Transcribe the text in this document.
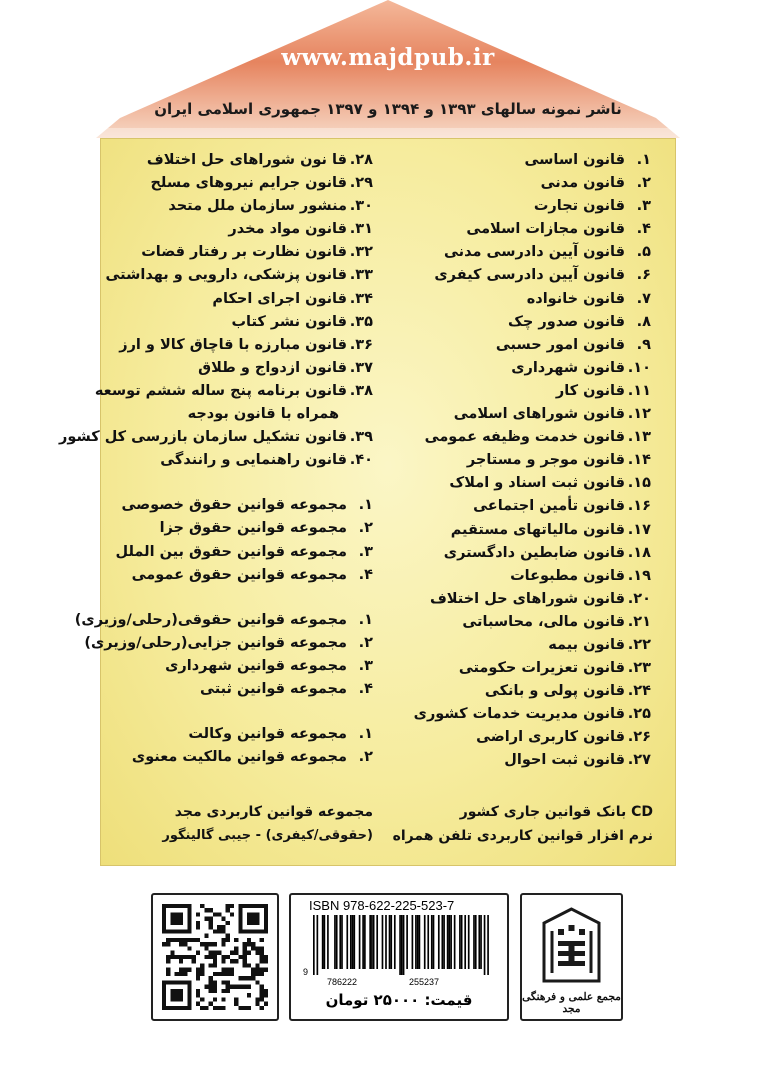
www.majdpub.ir
ناشر نمونه سالهای ۱۳۹۳ و ۱۳۹۴ و ۱۳۹۷ جمهوری اسلامی ایران
۱.قانون اساسی
۲.قانون مدنی
۳.قانون تجارت
۴.قانون مجازات اسلامی
۵.قانون آیین دادرسی مدنی
۶.قانون آیین دادرسی کیفری
۷.قانون خانواده
۸.قانون صدور چک
۹.قانون امور حسبی
۱۰.قانون شهرداری
۱۱.قانون کار
۱۲.قانون شوراهای اسلامی
۱۳.قانون خدمت وظیفه عمومی
۱۴.قانون موجر و مستاجر
۱۵.قانون ثبت اسناد و املاک
۱۶.قانون تأمین اجتماعی
۱۷.قانون مالیاتهای مستقیم
۱۸.قانون ضابطین دادگستری
۱۹.قانون مطبوعات
۲۰.قانون شوراهای حل اختلاف
۲۱.قانون مالی، محاسباتی
۲۲.قانون بیمه
۲۳.قانون تعزیرات حکومتی
۲۴.قانون پولی و بانکی
۲۵.قانون مدیریت خدمات کشوری
۲۶.قانون کاربری اراضی
۲۷.قانون ثبت احوال
۲۸.قا نون شوراهای حل اختلاف
۲۹.قانون جرایم نیروهای مسلح
۳۰.منشور سازمان ملل متحد
۳۱.قانون مواد مخدر
۳۲.قانون نظارت بر رفتار قضات
۳۳.قانون پزشکی، دارویی و بهداشتی
۳۴.قانون اجرای احکام
۳۵.قانون نشر کتاب
۳۶.قانون مبارزه با قاچاق کالا و ارز
۳۷.قانون ازدواج و طلاق
۳۸.قانون برنامه پنج ساله ششم توسعه
همراه با قانون بودجه
۳۹.قانون تشکیل سازمان بازرسی کل کشور
۴۰.قانون راهنمایی و رانندگی
۱.مجموعه قوانین حقوق خصوصی
۲.مجموعه قوانین حقوق جزا
۳.مجموعه قوانین حقوق بین الملل
۴.مجموعه قوانین حقوق عمومی
۱.مجموعه قوانین حقوقی(رحلی/وزیری)
۲.مجموعه قوانین جزایی(رحلی/وزیری)
۳.مجموعه قوانین شهرداری
۴.مجموعه قوانین ثبتی
۱.مجموعه قوانین وکالت
۲.مجموعه قوانین مالکیت معنوی
CD بانک قوانین جاری کشور
نرم افزار قوانین کاربردی تلفن همراه
مجموعه قوانین کاربردی مجد
(حقوقی/کیفری) - جیبی گالینگور
ISBN 978-622-225-523-7
9
786222	255237
قیمت: ۲۵۰۰۰ تومان	مجمع علمی و فرهنگی مجد
